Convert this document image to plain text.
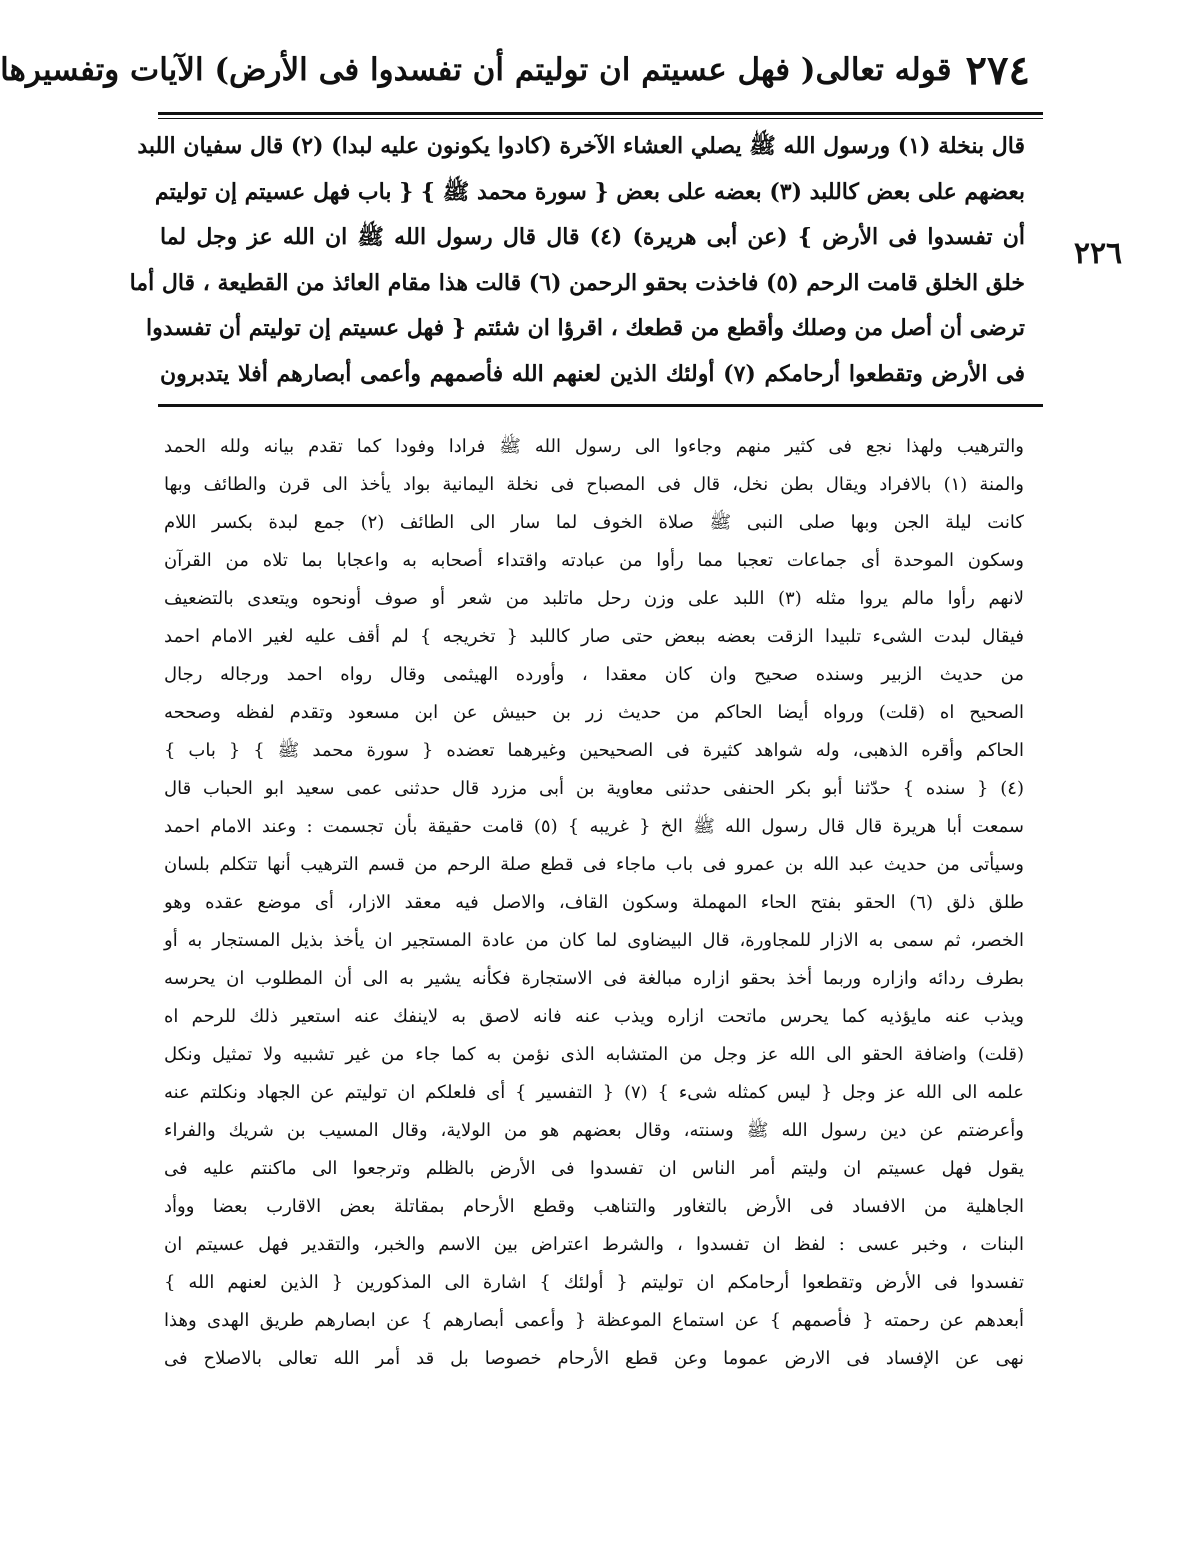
٢٧٤
قوله تعالى( فهل عسيتم ان توليتم أن تفسدوا فى الأرض) الآيات وتفسيرها
قال بنخلة (١) ورسول الله ﷺ يصلي العشاء الآخرة (كادوا يكونون عليه لبدا) (٢) قال سفيان اللبد
بعضهم على بعض كاللبد (٣) بعضه على بعض { سورة محمد ﷺ } { باب فهل عسيتم إن توليتم
أن تفسدوا فى الأرض } (عن أبى هريرة) (٤) قال قال رسول الله ﷺ ان الله عز وجل لما
خلق الخلق قامت الرحم (٥) فاخذت بحقو الرحمن (٦) قالت هذا مقام العائذ من القطيعة ، قال أما
ترضى أن أصل من وصلك وأقطع من قطعك ، اقرؤا ان شئتم { فهل عسيتم إن توليتم أن تفسدوا
فى الأرض وتقطعوا أرحامكم (٧) أولئك الذين لعنهم الله فأصمهم وأعمى أبصارهم أفلا يتدبرون
٢٢٦
والترهيب ولهذا نجع فى كثير منهم وجاءوا الى رسول الله ﷺ فرادا وفودا كما تقدم بيانه ولله الحمد
والمنة (١) بالافراد ويقال بطن نخل، قال فى المصباح فى نخلة اليمانية بواد يأخذ الى قرن والطائف وبها
كانت ليلة الجن وبها صلى النبى ﷺ صلاة الخوف لما سار الى الطائف (٢) جمع لبدة بكسر اللام
وسكون الموحدة أى جماعات تعجبا مما رأوا من عبادته واقتداء أصحابه به واعجابا بما تلاه من القرآن
لانهم رأوا مالم يروا مثله (٣) اللبد على وزن رحل ماتلبد من شعر أو صوف أونحوه ويتعدى بالتضعيف
فيقال لبدت الشىء تلبيدا الزقت بعضه ببعض حتى صار كاللبد { تخريجه } لم أقف عليه لغير الامام احمد
من حديث الزبير وسنده صحيح وان كان معقدا ، وأورده الهيثمى وقال رواه احمد ورجاله رجال
الصحيح اه (قلت) ورواه أيضا الحاكم من حديث زر بن حبيش عن ابن مسعود وتقدم لفظه وصححه
الحاكم وأقره الذهبى، وله شواهد كثيرة فى الصحيحين وغيرهما تعضده { سورة محمد ﷺ } { باب }
(٤) { سنده } حدّثنا أبو بكر الحنفى حدثنى معاوية بن أبى مزرد قال حدثنى عمى سعيد ابو الحباب قال
سمعت أبا هريرة قال قال رسول الله ﷺ الخ { غريبه } (٥) قامت حقيقة بأن تجسمت : وعند الامام احمد
وسيأتى من حديث عبد الله بن عمرو فى باب ماجاء فى قطع صلة الرحم من قسم الترهيب أنها تتكلم بلسان
طلق ذلق (٦) الحقو بفتح الحاء المهملة وسكون القاف، والاصل فيه معقد الازار، أى موضع عقده وهو
الخصر، ثم سمى به الازار للمجاورة، قال البيضاوى لما كان من عادة المستجير ان يأخذ بذيل المستجار به أو
بطرف ردائه وازاره وربما أخذ بحقو ازاره مبالغة فى الاستجارة فكأنه يشير به الى أن المطلوب ان يحرسه
ويذب عنه مايؤذيه كما يحرس ماتحت ازاره ويذب عنه فانه لاصق به لاينفك عنه استعير ذلك للرحم اه
(قلت) واضافة الحقو الى الله عز وجل من المتشابه الذى نؤمن به كما جاء من غير تشبيه ولا تمثيل ونكل
علمه الى الله عز وجل { ليس كمثله شىء } (٧) { التفسير } أى فلعلكم ان توليتم عن الجهاد ونكلتم عنه
وأعرضتم عن دين رسول الله ﷺ وسنته، وقال بعضهم هو من الولاية، وقال المسيب بن شريك والفراء
يقول فهل عسيتم ان وليتم أمر الناس ان تفسدوا فى الأرض بالظلم وترجعوا الى ماكنتم عليه فى
الجاهلية من الافساد فى الأرض بالتغاور والتناهب وقطع الأرحام بمقاتلة بعض الاقارب بعضا ووأد
البنات ، وخبر عسى : لفظ ان تفسدوا ، والشرط اعتراض بين الاسم والخبر، والتقدير فهل عسيتم ان
تفسدوا فى الأرض وتقطعوا أرحامكم ان توليتم { أولئك } اشارة الى المذكورين { الذين لعنهم الله }
أبعدهم عن رحمته { فأصمهم } عن استماع الموعظة { وأعمى أبصارهم } عن ابصارهم طريق الهدى وهذا
نهى عن الإفساد فى الارض عموما وعن قطع الأرحام خصوصا بل قد أمر الله تعالى بالاصلاح فى
